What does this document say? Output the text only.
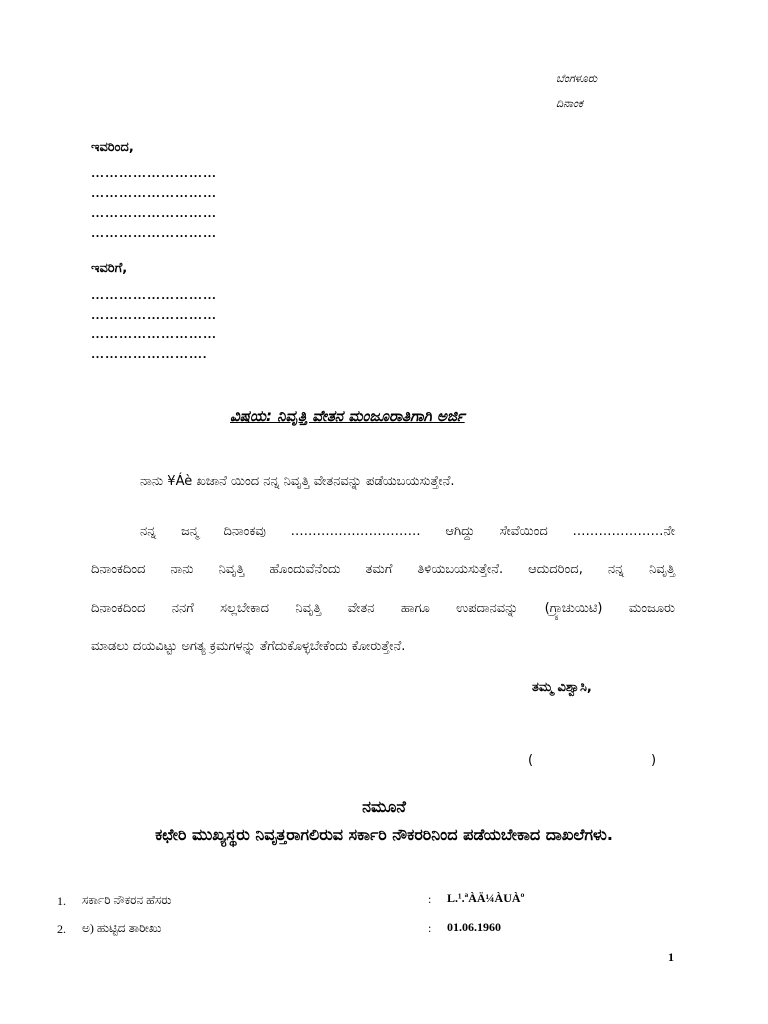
ಬೆಂಗಳೂರು
ದಿನಾಂಕ
ಇವರಿಂದ,
………………………
………………………
………………………
………………………
ಇವರಿಗೆ,
………………………
………………………
………………………
…………………….
ವಿಷಯ: ನಿವೃತ್ತಿ ವೇತನ ಮಂಜೂರಾತಿಗಾಗಿ ಅರ್ಜಿ
ನಾನು ¥Áè ಖಜಾನೆ ಯಿಂದ ನನ್ನ ನಿವೃತ್ತಿ ವೇತನವನ್ನು ಪಡೆಯಬಯಸುತ್ತೇನೆ.
ನನ್ನ ಜನ್ಮ ದಿನಾಂಕವು ………………………… ಆಗಿದ್ದು ಸೇವೆಯಿಂದ …………………ನೇ
ದಿನಾಂಕದಿಂದ ನಾನು ನಿವೃತ್ತಿ ಹೊಂದುವೆನೆಂದು ತಮಗೆ ತಿಳಿಯಬಯಸುತ್ತೇನೆ. ಆದುದರಿಂದ, ನನ್ನ ನಿವೃತ್ತಿ
ದಿನಾಂಕದಿಂದ ನನಗೆ ಸಲ್ಲಬೇಕಾದ ನಿವೃತ್ತಿ ವೇತನ ಹಾಗೂ ಉಪದಾನವನ್ನು (ಗ್ರ್ಯಾಚುಯಿಟಿ) ಮಂಜೂರು
ಮಾಡಲು ದಯವಿಟ್ಟು ಅಗತ್ಯ ಕ್ರಮಗಳನ್ನು ತೆಗೆದುಕೊಳ್ಳಬೇಕೆಂದು ಕೋರುತ್ತೇನೆ.
ತಮ್ಮ ವಿಶ್ವಾಸಿ,
(	)
ನಮೂನೆ
ಕಛೇರಿ ಮುಖ್ಯಸ್ಥರು ನಿವೃತ್ತರಾಗಲಿರುವ ಸರ್ಕಾರಿ ನೌಕರರಿನಿಂದ ಪಡೆಯಬೇಕಾದ ದಾಖಲೆಗಳು.
1. ಸರ್ಕಾರಿ ನೌಕರನ ಹೆಸರು	: L.¹.ªÀÄ¼ÀUÀº
2. ಅ) ಹುಟ್ಟಿದ ತಾರೀಖು	: 01.06.1960
1
